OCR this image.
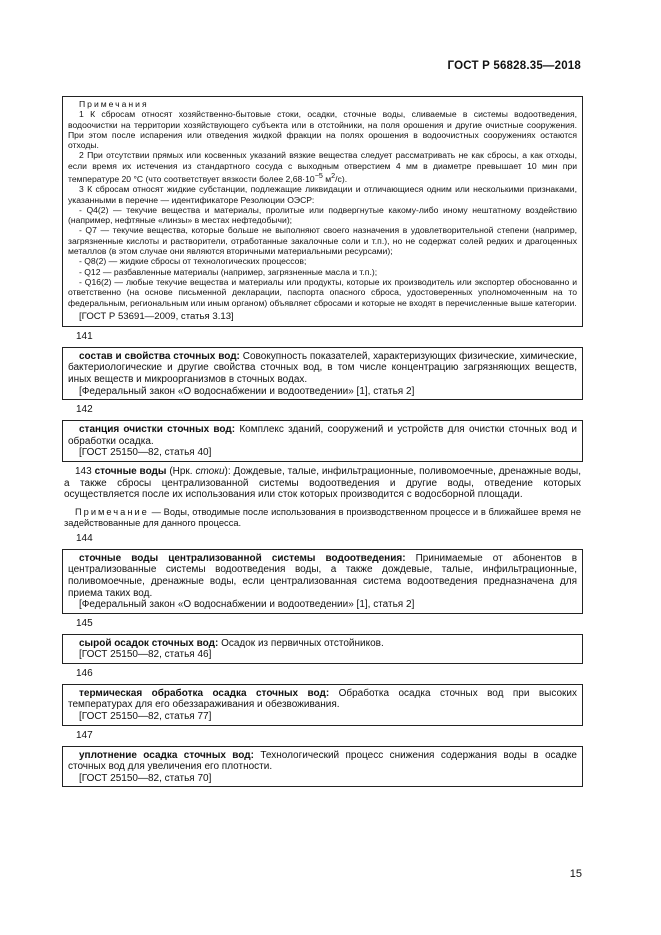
ГОСТ Р 56828.35—2018

Примечания

1 К сбросам относят хозяйственно-бытовые стоки, осадки, сточные воды, сливаемые в системы водоотведения, водоочистки на территории хозяйствующего субъекта или в отстойники, на поля орошения и другие очистные сооружения. При этом после испарения или отведения жидкой фракции на полях орошения в водоочистных сооружениях остаются отходы.

2 При отсутствии прямых или косвенных указаний вязкие вещества следует рассматривать не как сбросы, а как отходы, если время их истечения из стандартного сосуда с выходным отверстием 4 мм в диаметре превышает 10 мин при температуре 20 °С (что соответствует вязкости более $2,68\cdot 10^{-5}$ $м^2/с$).

3 К сбросам относят жидкие субстанции, подлежащие ликвидации и отличающиеся одним или несколькими признаками, указанными в перечне — идентификаторе Резолюции ОЭСР:

- Q4(2) — текучие вещества и материалы, пролитые или подвергнутые какому-либо иному нештатному воздействию (например, нефтяные «линзы» в местах нефтедобычи);

- Q7 — текучие вещества, которые больше не выполняют своего назначения в удовлетворительной степени (например, загрязненные кислоты и растворители, отработанные закалочные соли и т.п.), но не содержат солей редких и драгоценных металлов (в этом случае они являются вторичными материальными ресурсами);

- Q8(2) — жидкие сбросы от технологических процессов;

- Q12 — разбавленные материалы (например, загрязненные масла и т.п.);

- Q16(2) — любые текучие вещества и материалы или продукты, которые их производитель или экспортер обоснованно и ответственно (на основе письменной декларации, паспорта опасного сброса, удостоверенных уполномоченным на то федеральным, региональным или иным органом) объявляет сбросами и которые не входят в перечисленные выше категории.

[ГОСТ Р 53691—2009, статья 3.13]

141

состав и свойства сточных вод: Совокупность показателей, характеризующих физические, химические, бактериологические и другие свойства сточных вод, в том числе концентрацию загрязняющих веществ, иных веществ и микроорганизмов в сточных водах.

[Федеральный закон «О водоснабжении и водоотведении» [1], статья 2]

142

станция очистки сточных вод: Комплекс зданий, сооружений и устройств для очистки сточных вод и обработки осадка.

[ГОСТ 25150—82, статья 40]

143 сточные воды (Нрк. стоки): Дождевые, талые, инфильтрационные, поливомоечные, дренажные воды, а также сбросы централизованной системы водоотведения и другие воды, отведение которых осуществляется после их использования или сток которых производится с водосборной площади.

Примечание — Воды, отводимые после использования в производственном процессе и в ближайшее время не задействованные для данного процесса.

144

сточные воды централизованной системы водоотведения: Принимаемые от абонентов в централизованные системы водоотведения воды, а также дождевые, талые, инфильтрационные, поливомоечные, дренажные воды, если централизованная система водоотведения предназначена для приема таких вод.

[Федеральный закон «О водоснабжении и водоотведении» [1], статья 2]

145

сырой осадок сточных вод: Осадок из первичных отстойников.

[ГОСТ 25150—82, статья 46]

146

термическая обработка осадка сточных вод: Обработка осадка сточных вод при высоких температурах для его обеззараживания и обезвоживания.

[ГОСТ 25150—82, статья 77]

147

уплотнение осадка сточных вод: Технологический процесс снижения содержания воды в осадке сточных вод для увеличения его плотности.

[ГОСТ 25150—82, статья 70]

15
